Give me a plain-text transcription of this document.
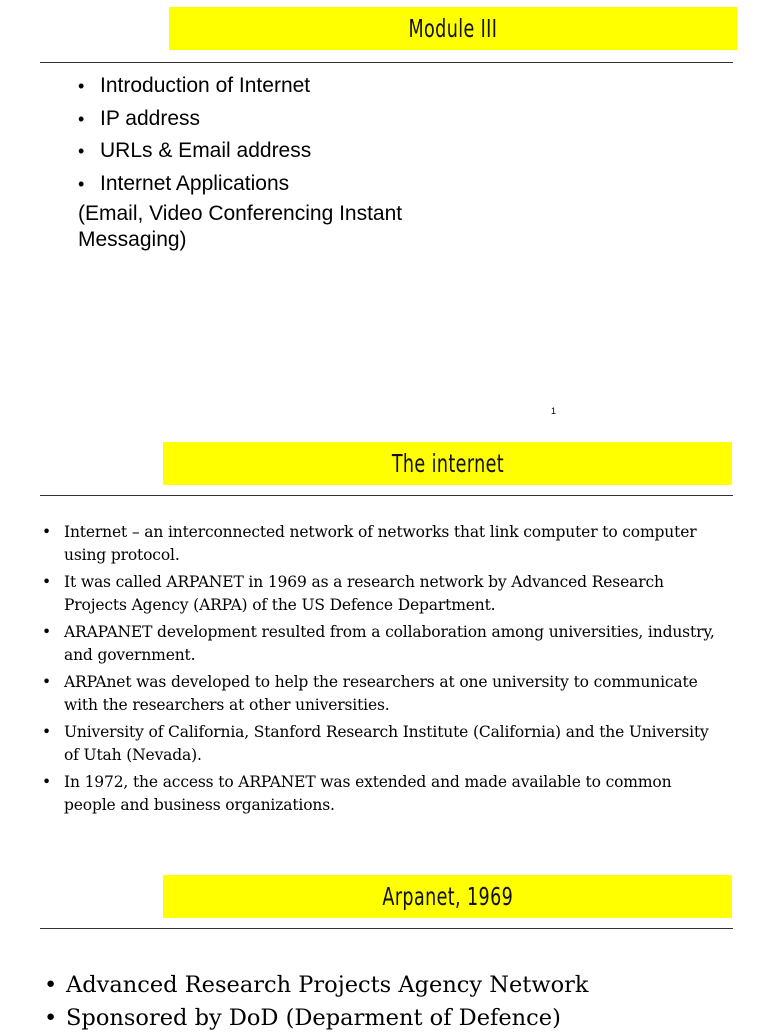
Module III
• Introduction of Internet
• IP address
• URLs & Email address
• Internet Applications
(Email, Video Conferencing Instant
Messaging)
1
The internet
• Internet – an interconnected network of networks that link computer to computer using protocol.
• It was called ARPANET in 1969 as a research network by Advanced Research Projects Agency (ARPA) of the US Defence Department.
• ARAPANET development resulted from a collaboration among universities, industry, and government.
• ARPAnet was developed to help the researchers at one university to communicate with the researchers at other universities.
• University of California, Stanford Research Institute (California) and the University of Utah (Nevada).
• In 1972, the access to ARPANET was extended and made available to common people and business organizations.
Arpanet, 1969
• Advanced Research Projects Agency Network
• Sponsored by DoD (Deparment of Defence)
